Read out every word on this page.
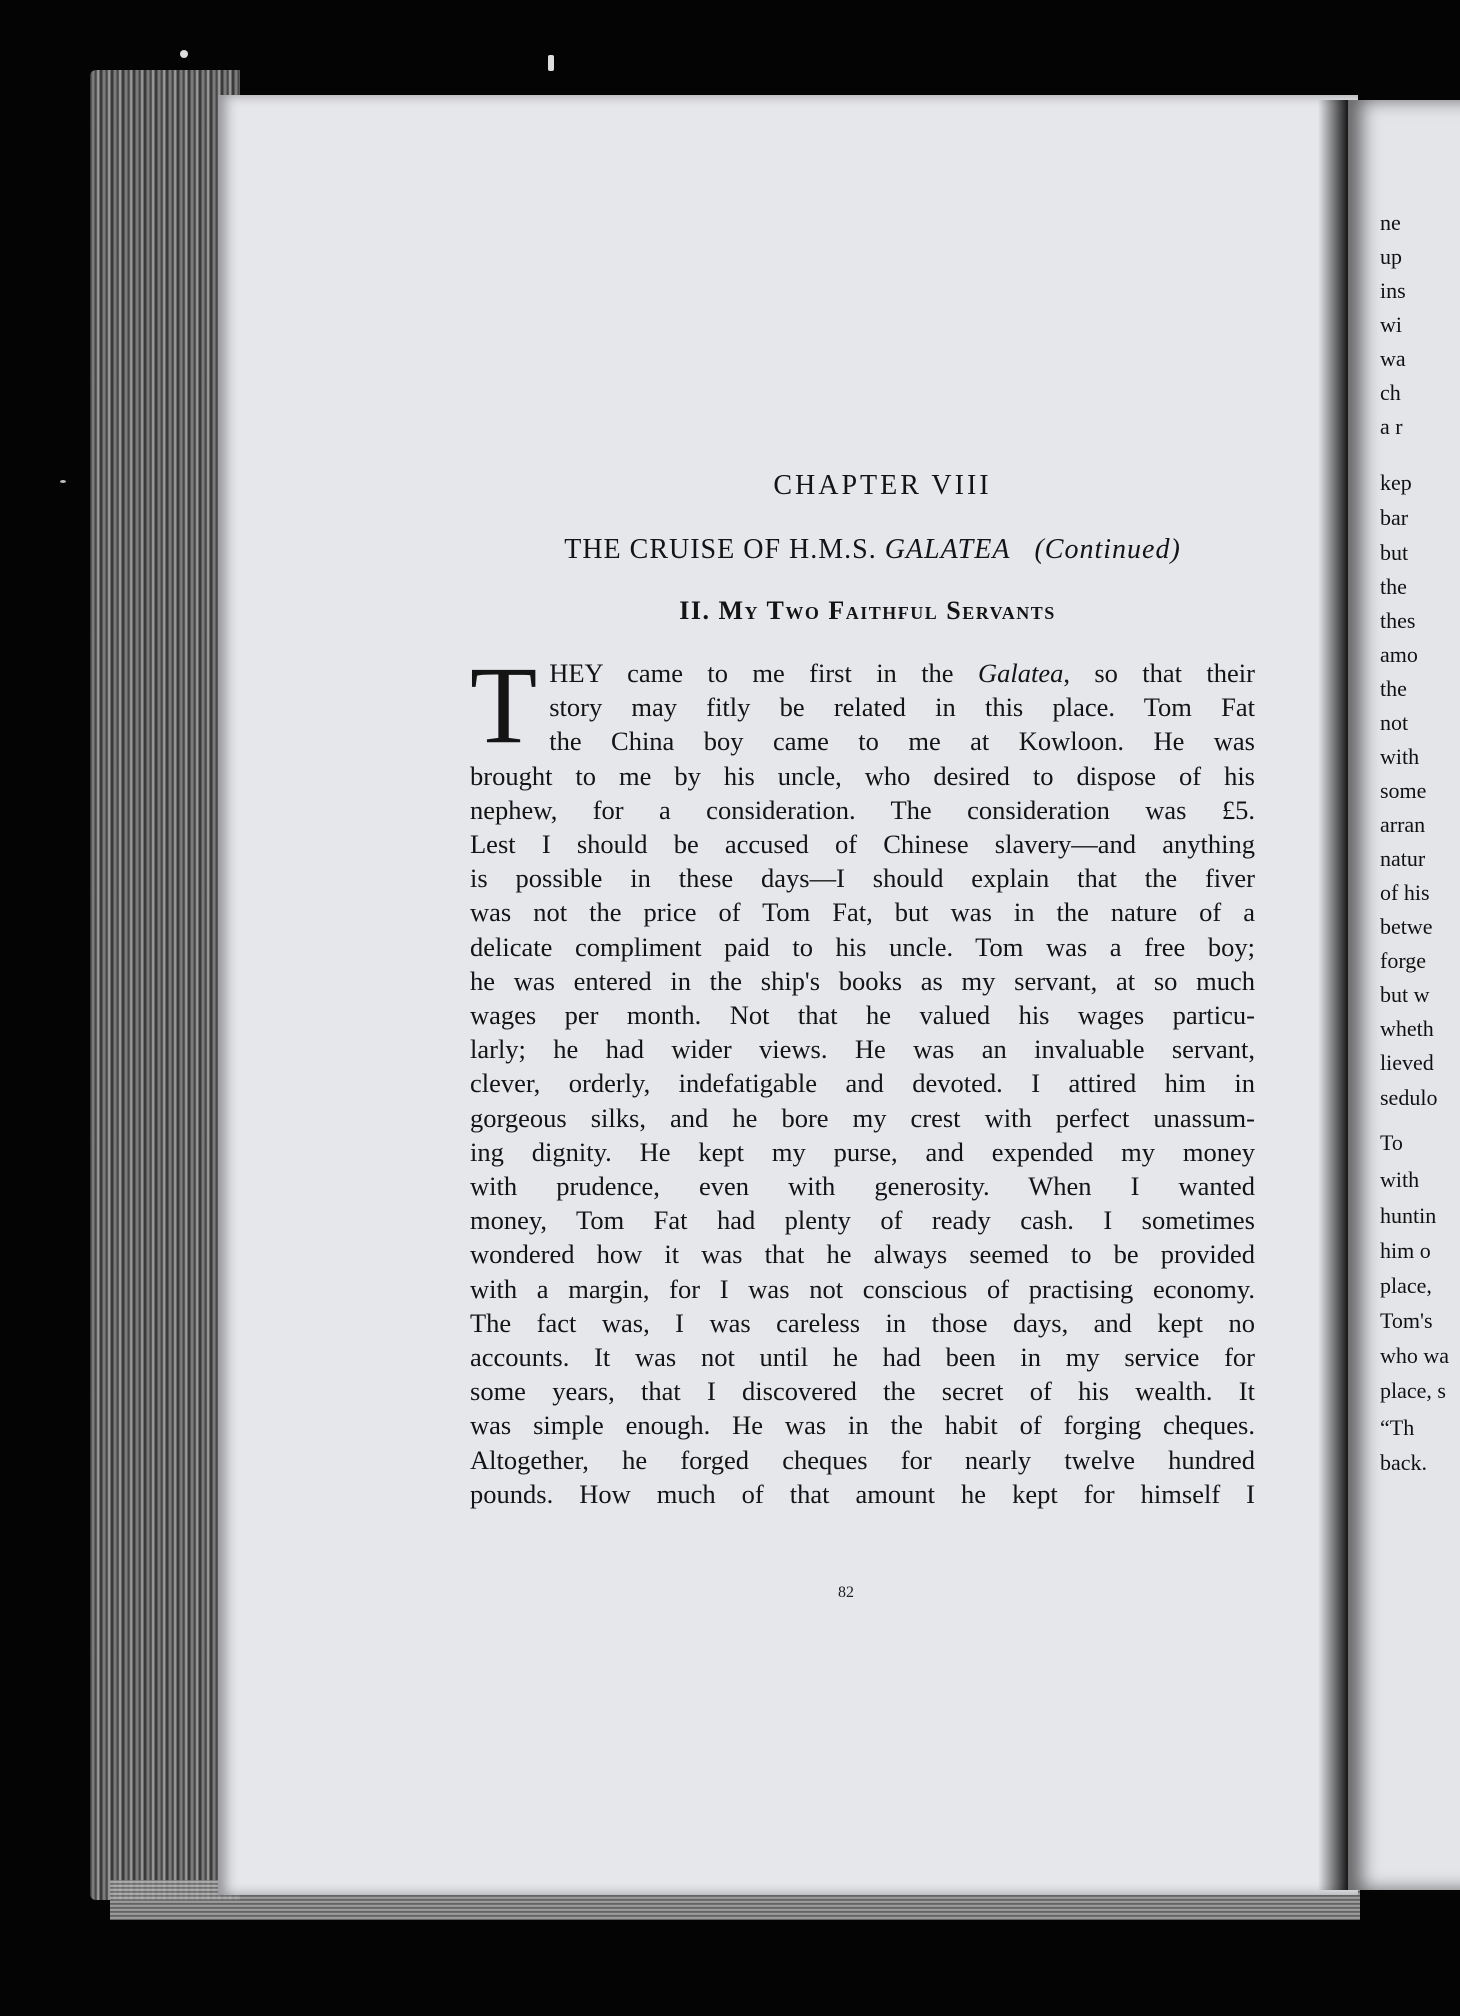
CHAPTER VIII
THE CRUISE OF H.M.S. GALATEA (Continued)
II. My Two Faithful Servants
T HEY came to me first in the Galatea, so that their
story may fitly be related in this place. Tom Fat
the China boy came to me at Kowloon. He was
brought to me by his uncle, who desired to dispose of his
nephew, for a consideration. The consideration was £5.
Lest I should be accused of Chinese slavery—and anything
is possible in these days—I should explain that the fiver
was not the price of Tom Fat, but was in the nature of a
delicate compliment paid to his uncle. Tom was a free boy;
he was entered in the ship's books as my servant, at so much
wages per month. Not that he valued his wages particu-
larly; he had wider views. He was an invaluable servant,
clever, orderly, indefatigable and devoted. I attired him in
gorgeous silks, and he bore my crest with perfect unassum-
ing dignity. He kept my purse, and expended my money
with prudence, even with generosity. When I wanted
money, Tom Fat had plenty of ready cash. I sometimes
wondered how it was that he always seemed to be provided
with a margin, for I was not conscious of practising economy.
The fact was, I was careless in those days, and kept no
accounts. It was not until he had been in my service for
some years, that I discovered the secret of his wealth. It
was simple enough. He was in the habit of forging cheques.
Altogether, he forged cheques for nearly twelve hundred
pounds. How much of that amount he kept for himself I
82
ne
up
ins
wi
wa
ch
a r
kep
bar
but
the
thes
amo
the
not
with
some
arran
natur
of his
betwe
forge
but w
wheth
lieved
sedulo
To
with
huntin
him o
place,
Tom's
who wa
place, s
“Th
back.
